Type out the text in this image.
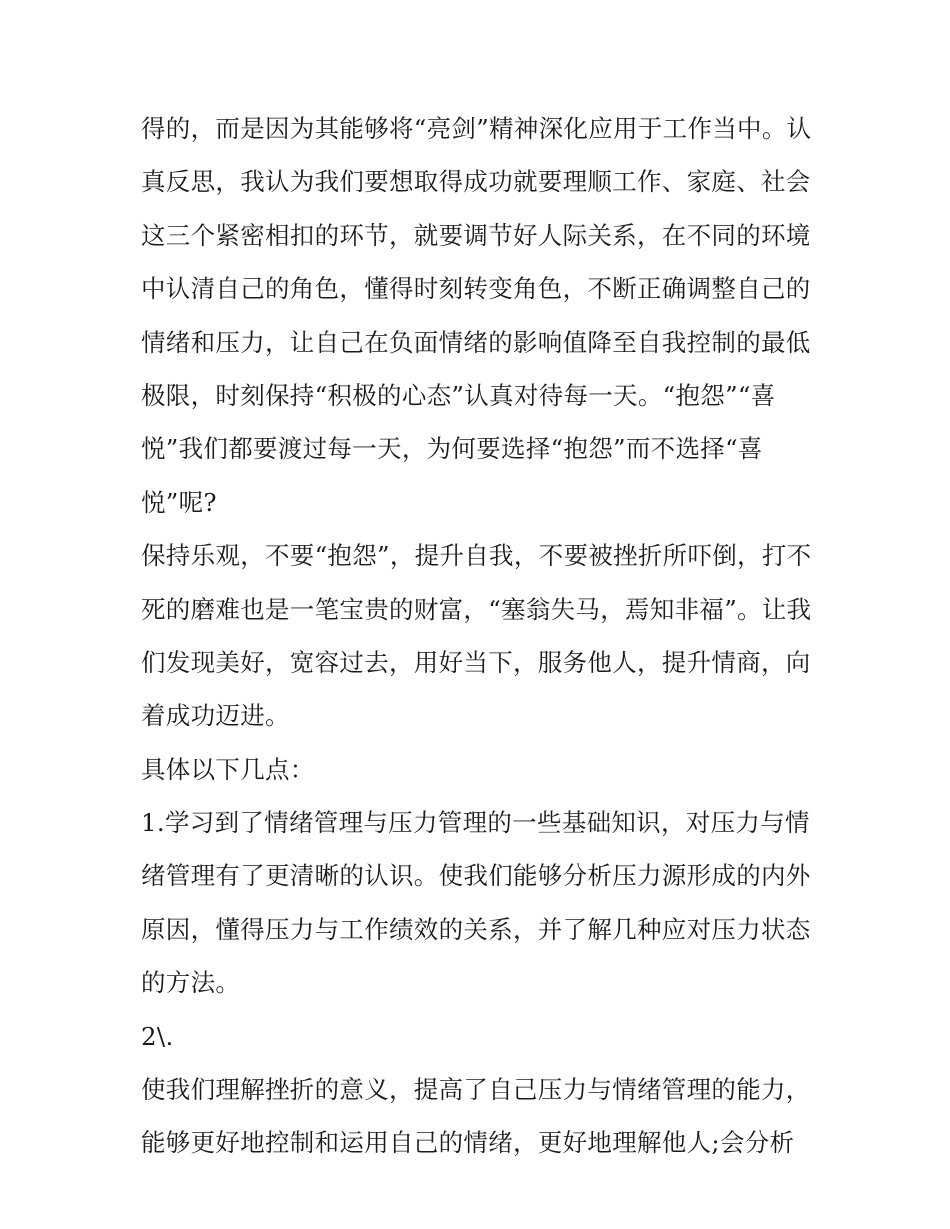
得的，而是因为其能够将“亮剑”精神深化应用于工作当中。认
真反思，我认为我们要想取得成功就要理顺工作、家庭、社会
这三个紧密相扣的环节，就要调节好人际关系，在不同的环境
中认清自己的角色，懂得时刻转变角色，不断正确调整自己的
情绪和压力，让自己在负面情绪的影响值降至自我控制的最低
极限，时刻保持“积极的心态”认真对待每一天。“抱怨”“喜
悦”我们都要渡过每一天，为何要选择“抱怨”而不选择“喜
悦”呢?
保持乐观，不要“抱怨”，提升自我，不要被挫折所吓倒，打不
死的磨难也是一笔宝贵的财富，“塞翁失马，焉知非福”。让我
们发现美好，宽容过去，用好当下，服务他人，提升情商，向
着成功迈进。
具体以下几点：
1.学习到了情绪管理与压力管理的一些基础知识，对压力与情
绪管理有了更清晰的认识。使我们能够分析压力源形成的内外
原因，懂得压力与工作绩效的关系，并了解几种应对压力状态
的方法。
2\.
使我们理解挫折的意义，提高了自己压力与情绪管理的能力，
能够更好地控制和运用自己的情绪，更好地理解他人;会分析
